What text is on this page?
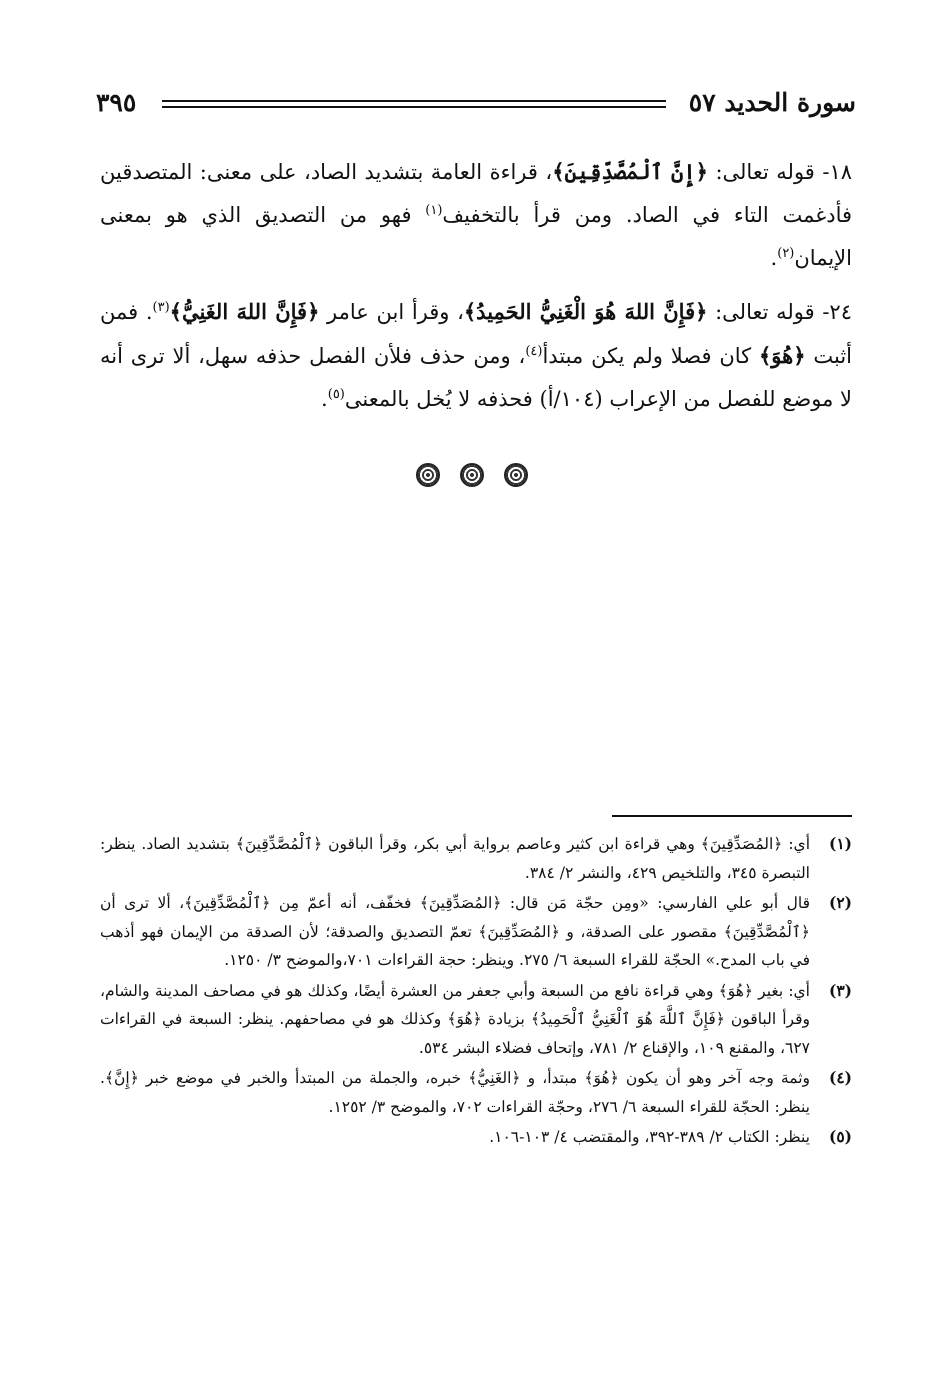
سورة الحديد ٥٧
٣٩٥

١٨- قوله تعالى: ﴿إِنَّ ٱلْمُصَّدِّقِينَ﴾، قراءة العامة بتشديد الصاد، على معنى: المتصدقين فأدغمت التاء في الصاد. ومن قرأ بالتخفيف$^{(١)}$ فهو من التصديق الذي هو بمعنى الإيمان$^{(٢)}$.

٢٤- قوله تعالى: ﴿فَإِنَّ اللهَ هُوَ الْغَنِيُّ الحَمِيدُ﴾، وقرأ ابن عامر ﴿فَإِنَّ اللهَ الغَنِيُّ﴾$^{(٣)}$. فمن أثبت ﴿هُوَ﴾ كان فصلا ولم يكن مبتدأ$^{(٤)}$، ومن حذف فلأن الفصل حذفه سهل، ألا ترى أنه لا موضع للفصل من الإعراب (١٠٤/أ) فحذفه لا يُخل بالمعنى$^{(٥)}$.

(١)
أي: ﴿المُصَدِّقِينَ﴾ وهي قراءة ابن كثير وعاصم برواية أبي بكر، وقرأ الباقون ﴿ٱلْمُصَّدِّقِينَ﴾ بتشديد الصاد. ينظر: التبصرة ٣٤٥، والتلخيص ٤٢٩، والنشر ٢/ ٣٨٤.
(٢)
قال أبو علي الفارسي: «ومِن حجّة مَن قال: ﴿المُصَدِّقِينَ﴾ فخفّف، أنه أعمّ مِن ﴿ٱلْمُصَّدِّقِينَ﴾، ألا ترى أن ﴿ٱلْمُصَّدِّقِينَ﴾ مقصور على الصدقة، و ﴿المُصَدِّقِينَ﴾ تعمّ التصديق والصدقة؛ لأن الصدقة من الإيمان فهو أذهب في باب المدح.» الحجّة للقراء السبعة ٦/ ٢٧٥. وينظر: حجة القراءات ٧٠١،والموضح ٣/ ١٢٥٠.
(٣)
أي: بغير ﴿هُوَ﴾ وهي قراءة نافع من السبعة وأبي جعفر من العشرة أيضًا، وكذلك هو في مصاحف المدينة والشام، وقرأ الباقون ﴿فَإِنَّ ٱللَّهَ هُوَ ٱلْغَنِيُّ ٱلْحَمِيدُ﴾ بزيادة ﴿هُوَ﴾ وكذلك هو في مصاحفهم. ينظر: السبعة في القراءات ٦٢٧، والمقنع ١٠٩، والإقناع ٢/ ٧٨١، وإتحاف فضلاء البشر ٥٣٤.
(٤)
وثمة وجه آخر وهو أن يكون ﴿هُوَ﴾ مبتدأ، و ﴿الغَنِيُّ﴾ خبره، والجملة من المبتدأ والخبر في موضع خبر ﴿إِنَّ﴾. ينظر: الحجّة للقراء السبعة ٦/ ٢٧٦، وحجّة القراءات ٧٠٢، والموضح ٣/ ١٢٥٢.
(٥)
ينظر: الكتاب ٢/ ٣٨٩-٣٩٢، والمقتضب ٤/ ١٠٣-١٠٦.
